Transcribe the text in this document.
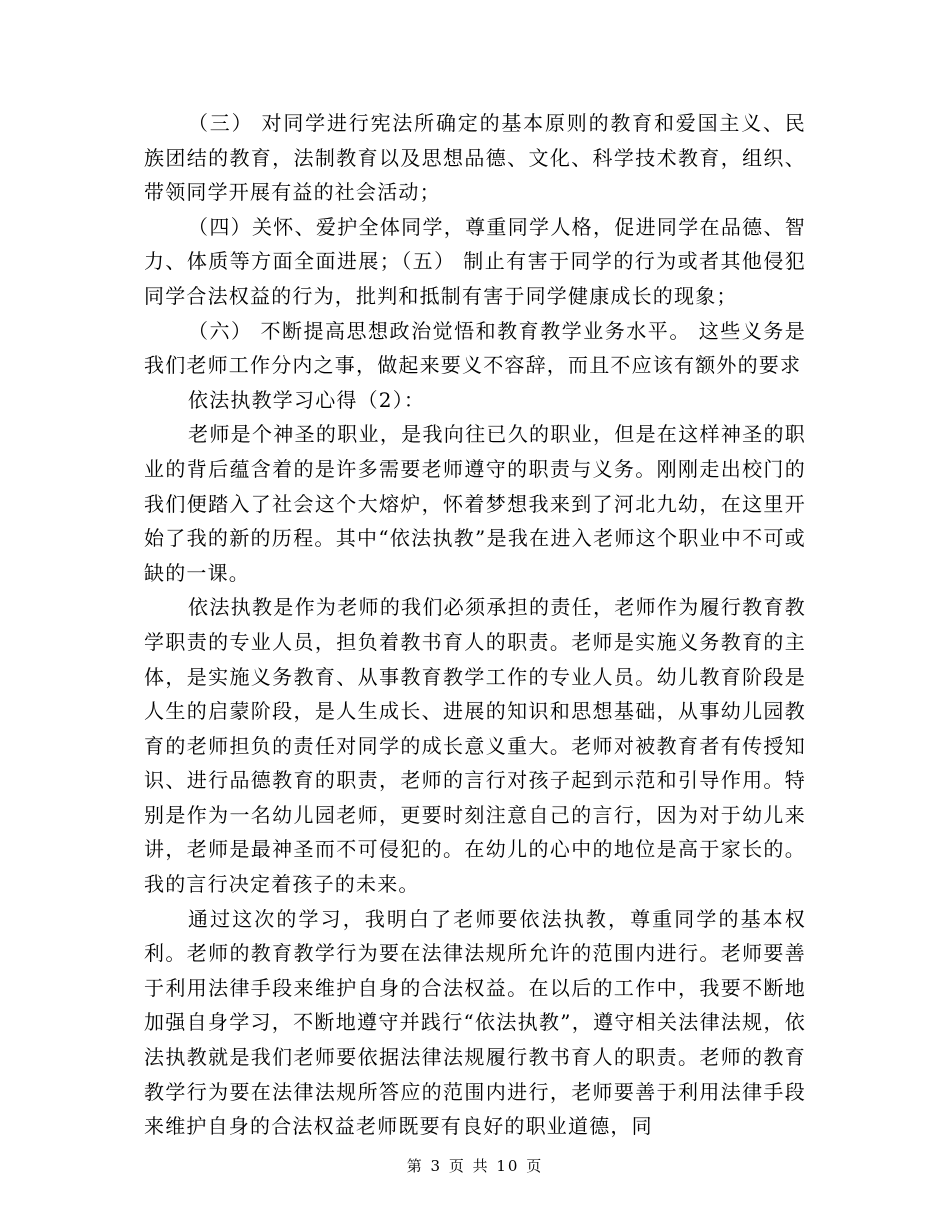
（三） 对同学进行宪法所确定的基本原则的教育和爱国主义、民族团结的教育，法制教育以及思想品德、文化、科学技术教育，组织、带领同学开展有益的社会活动；

（四）关怀、爱护全体同学，尊重同学人格，促进同学在品德、智力、体质等方面全面进展；（五） 制止有害于同学的行为或者其他侵犯同学合法权益的行为，批判和抵制有害于同学健康成长的现象；

（六） 不断提高思想政治觉悟和教育教学业务水平。 这些义务是我们老师工作分内之事，做起来要义不容辞，而且不应该有额外的要求

依法执教学习心得（2）：

老师是个神圣的职业，是我向往已久的职业，但是在这样神圣的职业的背后蕴含着的是许多需要老师遵守的职责与义务。刚刚走出校门的我们便踏入了社会这个大熔炉，怀着梦想我来到了河北九幼，在这里开始了我的新的历程。其中“依法执教”是我在进入老师这个职业中不可或缺的一课。

依法执教是作为老师的我们必须承担的责任，老师作为履行教育教学职责的专业人员，担负着教书育人的职责。老师是实施义务教育的主体，是实施义务教育、从事教育教学工作的专业人员。幼儿教育阶段是人生的启蒙阶段，是人生成长、进展的知识和思想基础，从事幼儿园教育的老师担负的责任对同学的成长意义重大。老师对被教育者有传授知识、进行品德教育的职责，老师的言行对孩子起到示范和引导作用。特别是作为一名幼儿园老师，更要时刻注意自己的言行，因为对于幼儿来讲，老师是最神圣而不可侵犯的。在幼儿的心中的地位是高于家长的。我的言行决定着孩子的未来。

通过这次的学习，我明白了老师要依法执教，尊重同学的基本权利。老师的教育教学行为要在法律法规所允许的范围内进行。老师要善于利用法律手段来维护自身的合法权益。在以后的工作中，我要不断地加强自身学习，不断地遵守并践行“依法执教”，遵守相关法律法规，依法执教就是我们老师要依据法律法规履行教书育人的职责。老师的教育教学行为要在法律法规所答应的范围内进行，老师要善于利用法律手段来维护自身的合法权益老师既要有良好的职业道德，同

第 3 页 共 10 页
